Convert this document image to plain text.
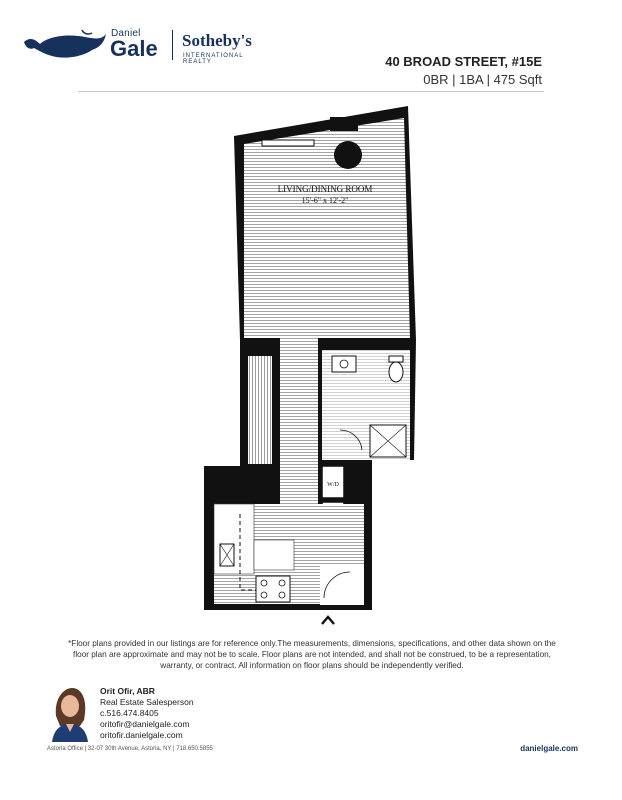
Daniel
Gale Sotheby's
INTERNATIONAL REALTY	40 BROAD STREET, #15E
0BR | 1BA | 475 Sqft
LIVING/DINING ROOM
15'-6" x 12'-2"
W/D
*Floor plans provided in our listings are for reference only.The measurements, dimensions, specifications, and other data shown on the floor plan are approximate and may not be to scale. Floor plans are not intended, and shall not be construed, to be a representation, warranty, or contract. All information on floor plans should be independently verified.
Orit Ofir, ABR
Real Estate Salesperson
c.516.474.8405
oritofir@danielgale.com
oritofir.danielgale.com
Astoria Office | 32-07 30th Avenue, Astoria, NY | 718.650.5855	danielgale.com
